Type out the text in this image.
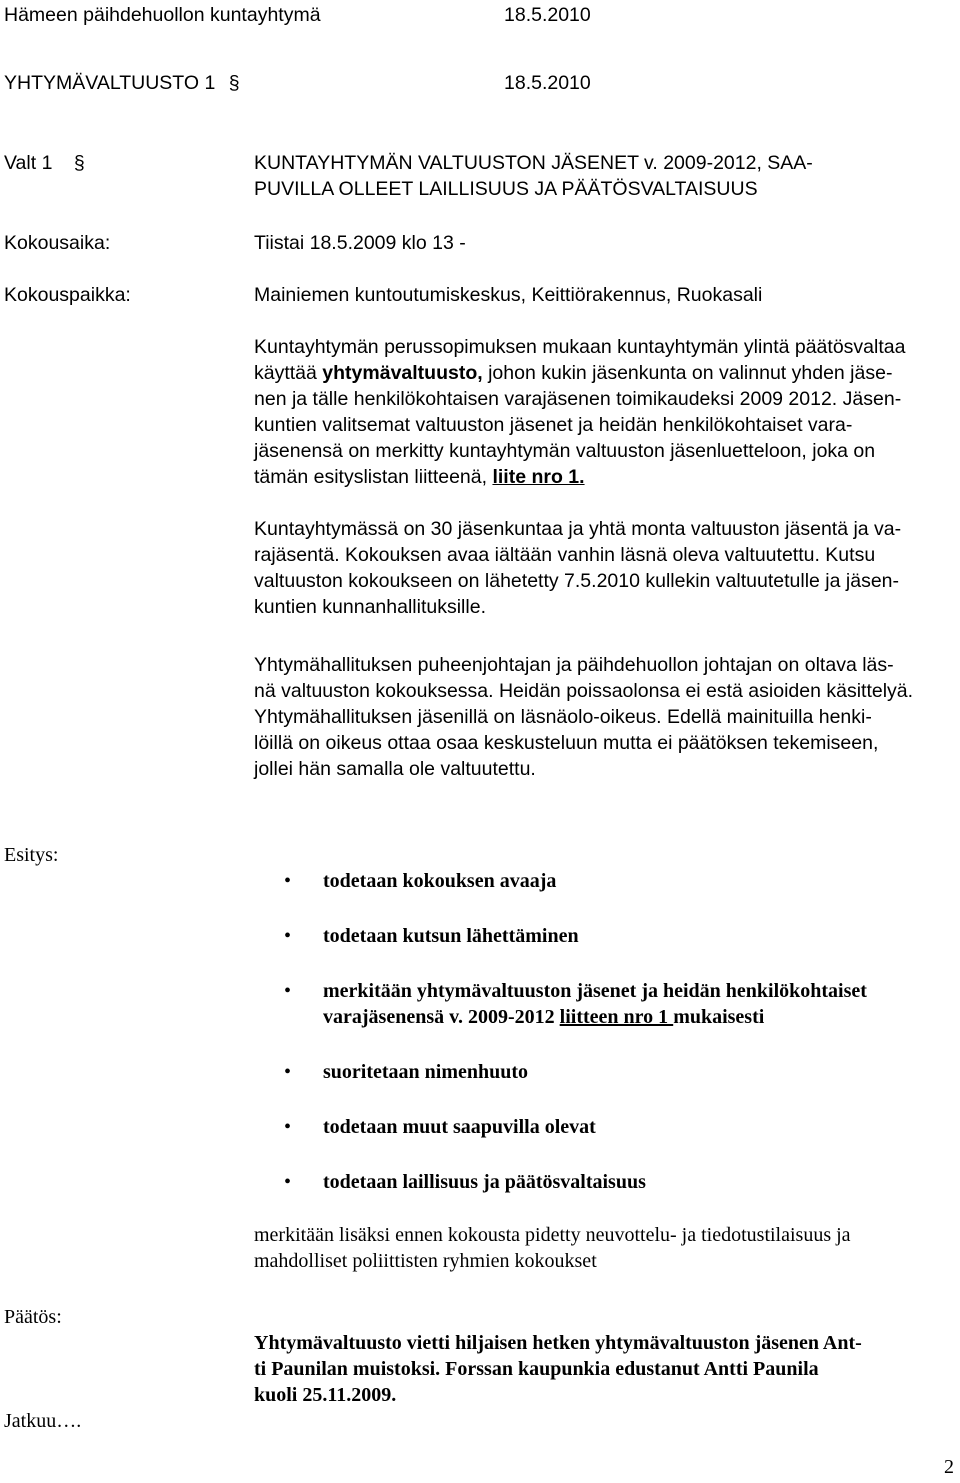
Hämeen päihdehuollon kuntayhtymä	18.5.2010
YHTYMÄVALTUUSTO 1 §	18.5.2010
Valt 1 §	KUNTAYHTYMÄN VALTUUSTON JÄSENET v. 2009-2012, SAA-
PUVILLA OLLEET LAILLISUUS JA PÄÄTÖSVALTAISUUS
Kokousaika:	Tiistai 18.5.2009 klo 13 -
Kokouspaikka:	Mainiemen kuntoutumiskeskus, Keittiörakennus, Ruokasali
Kuntayhtymän perussopimuksen mukaan kuntayhtymän ylintä päätösvaltaa
käyttää yhtymävaltuusto, johon kukin jäsenkunta on valinnut yhden jäse-
nen ja tälle henkilökohtaisen varajäsenen toimikaudeksi 2009 2012. Jäsen-
kuntien valitsemat valtuuston jäsenet ja heidän henkilökohtaiset vara-
jäsenensä on merkitty kuntayhtymän valtuuston jäsenluetteloon, joka on
tämän esityslistan liitteenä, liite nro 1.
Kuntayhtymässä on 30 jäsenkuntaa ja yhtä monta valtuuston jäsentä ja va-
rajäsentä. Kokouksen avaa iältään vanhin läsnä oleva valtuutettu. Kutsu
valtuuston kokoukseen on lähetetty 7.5.2010 kullekin valtuutetulle ja jäsen-
kuntien kunnanhallituksille.
Yhtymähallituksen puheenjohtajan ja päihdehuollon johtajan on oltava läs-
nä valtuuston kokouksessa. Heidän poissaolonsa ei estä asioiden käsittelyä.
Yhtymähallituksen jäsenillä on läsnäolo-oikeus. Edellä mainituilla henki-
löillä on oikeus ottaa osaa keskusteluun mutta ei päätöksen tekemiseen,
jollei hän samalla ole valtuutettu.
Esitys:
• todetaan kokouksen avaaja
• todetaan kutsun lähettäminen
• merkitään yhtymävaltuuston jäsenet ja heidän henkilökohtaiset
varajäsenensä v. 2009-2012 liitteen nro 1 mukaisesti
• suoritetaan nimenhuuto
• todetaan muut saapuvilla olevat
• todetaan laillisuus ja päätösvaltaisuus
merkitään lisäksi ennen kokousta pidetty neuvottelu- ja tiedotustilaisuus ja
mahdolliset poliittisten ryhmien kokoukset
Päätös:
Yhtymävaltuusto vietti hiljaisen hetken yhtymävaltuuston jäsenen Ant-
ti Paunilan muistoksi. Forssan kaupunkia edustanut Antti Paunila
kuoli 25.11.2009.
Jatkuu….
2
